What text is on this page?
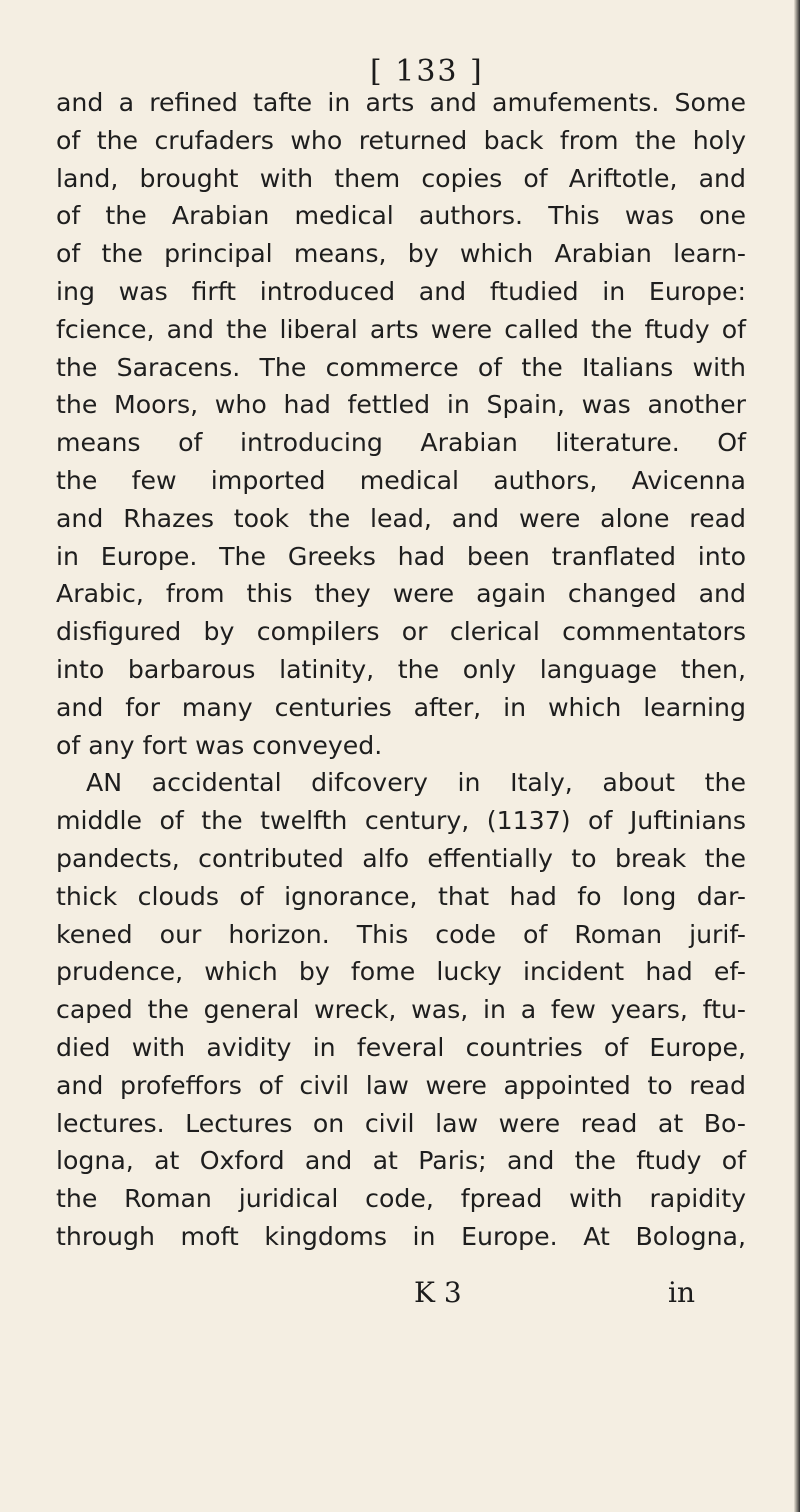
[ 133 ]
and a refined tafte in arts and amufements. Some
of the crufaders who returned back from the holy
land, brought with them copies of Ariftotle, and
of the Arabian medical authors. This was one
of the principal means, by which Arabian learn-
ing was firft introduced and ftudied in Europe:
fcience, and the liberal arts were called the ftudy of
the Saracens. The commerce of the Italians with
the Moors, who had fettled in Spain, was another
means of introducing Arabian literature. Of
the few imported medical authors, Avicenna
and Rhazes took the lead, and were alone read
in Europe. The Greeks had been tranflated into
Arabic, from this they were again changed and
disfigured by compilers or clerical commentators
into barbarous latinity, the only language then,
and for many centuries after, in which learning
of any fort was conveyed.
AN accidental difcovery in Italy, about the
middle of the twelfth century, (1137) of Juftinians
pandects, contributed alfo effentially to break the
thick clouds of ignorance, that had fo long dar-
kened our horizon. This code of Roman jurif-
prudence, which by fome lucky incident had ef-
caped the general wreck, was, in a few years, ftu-
died with avidity in feveral countries of Europe,
and profeffors of civil law were appointed to read
lectures. Lectures on civil law were read at Bo-
logna, at Oxford and at Paris; and the ftudy of
the Roman juridical code, fpread with rapidity
through moft kingdoms in Europe. At Bologna,
K 3	in
